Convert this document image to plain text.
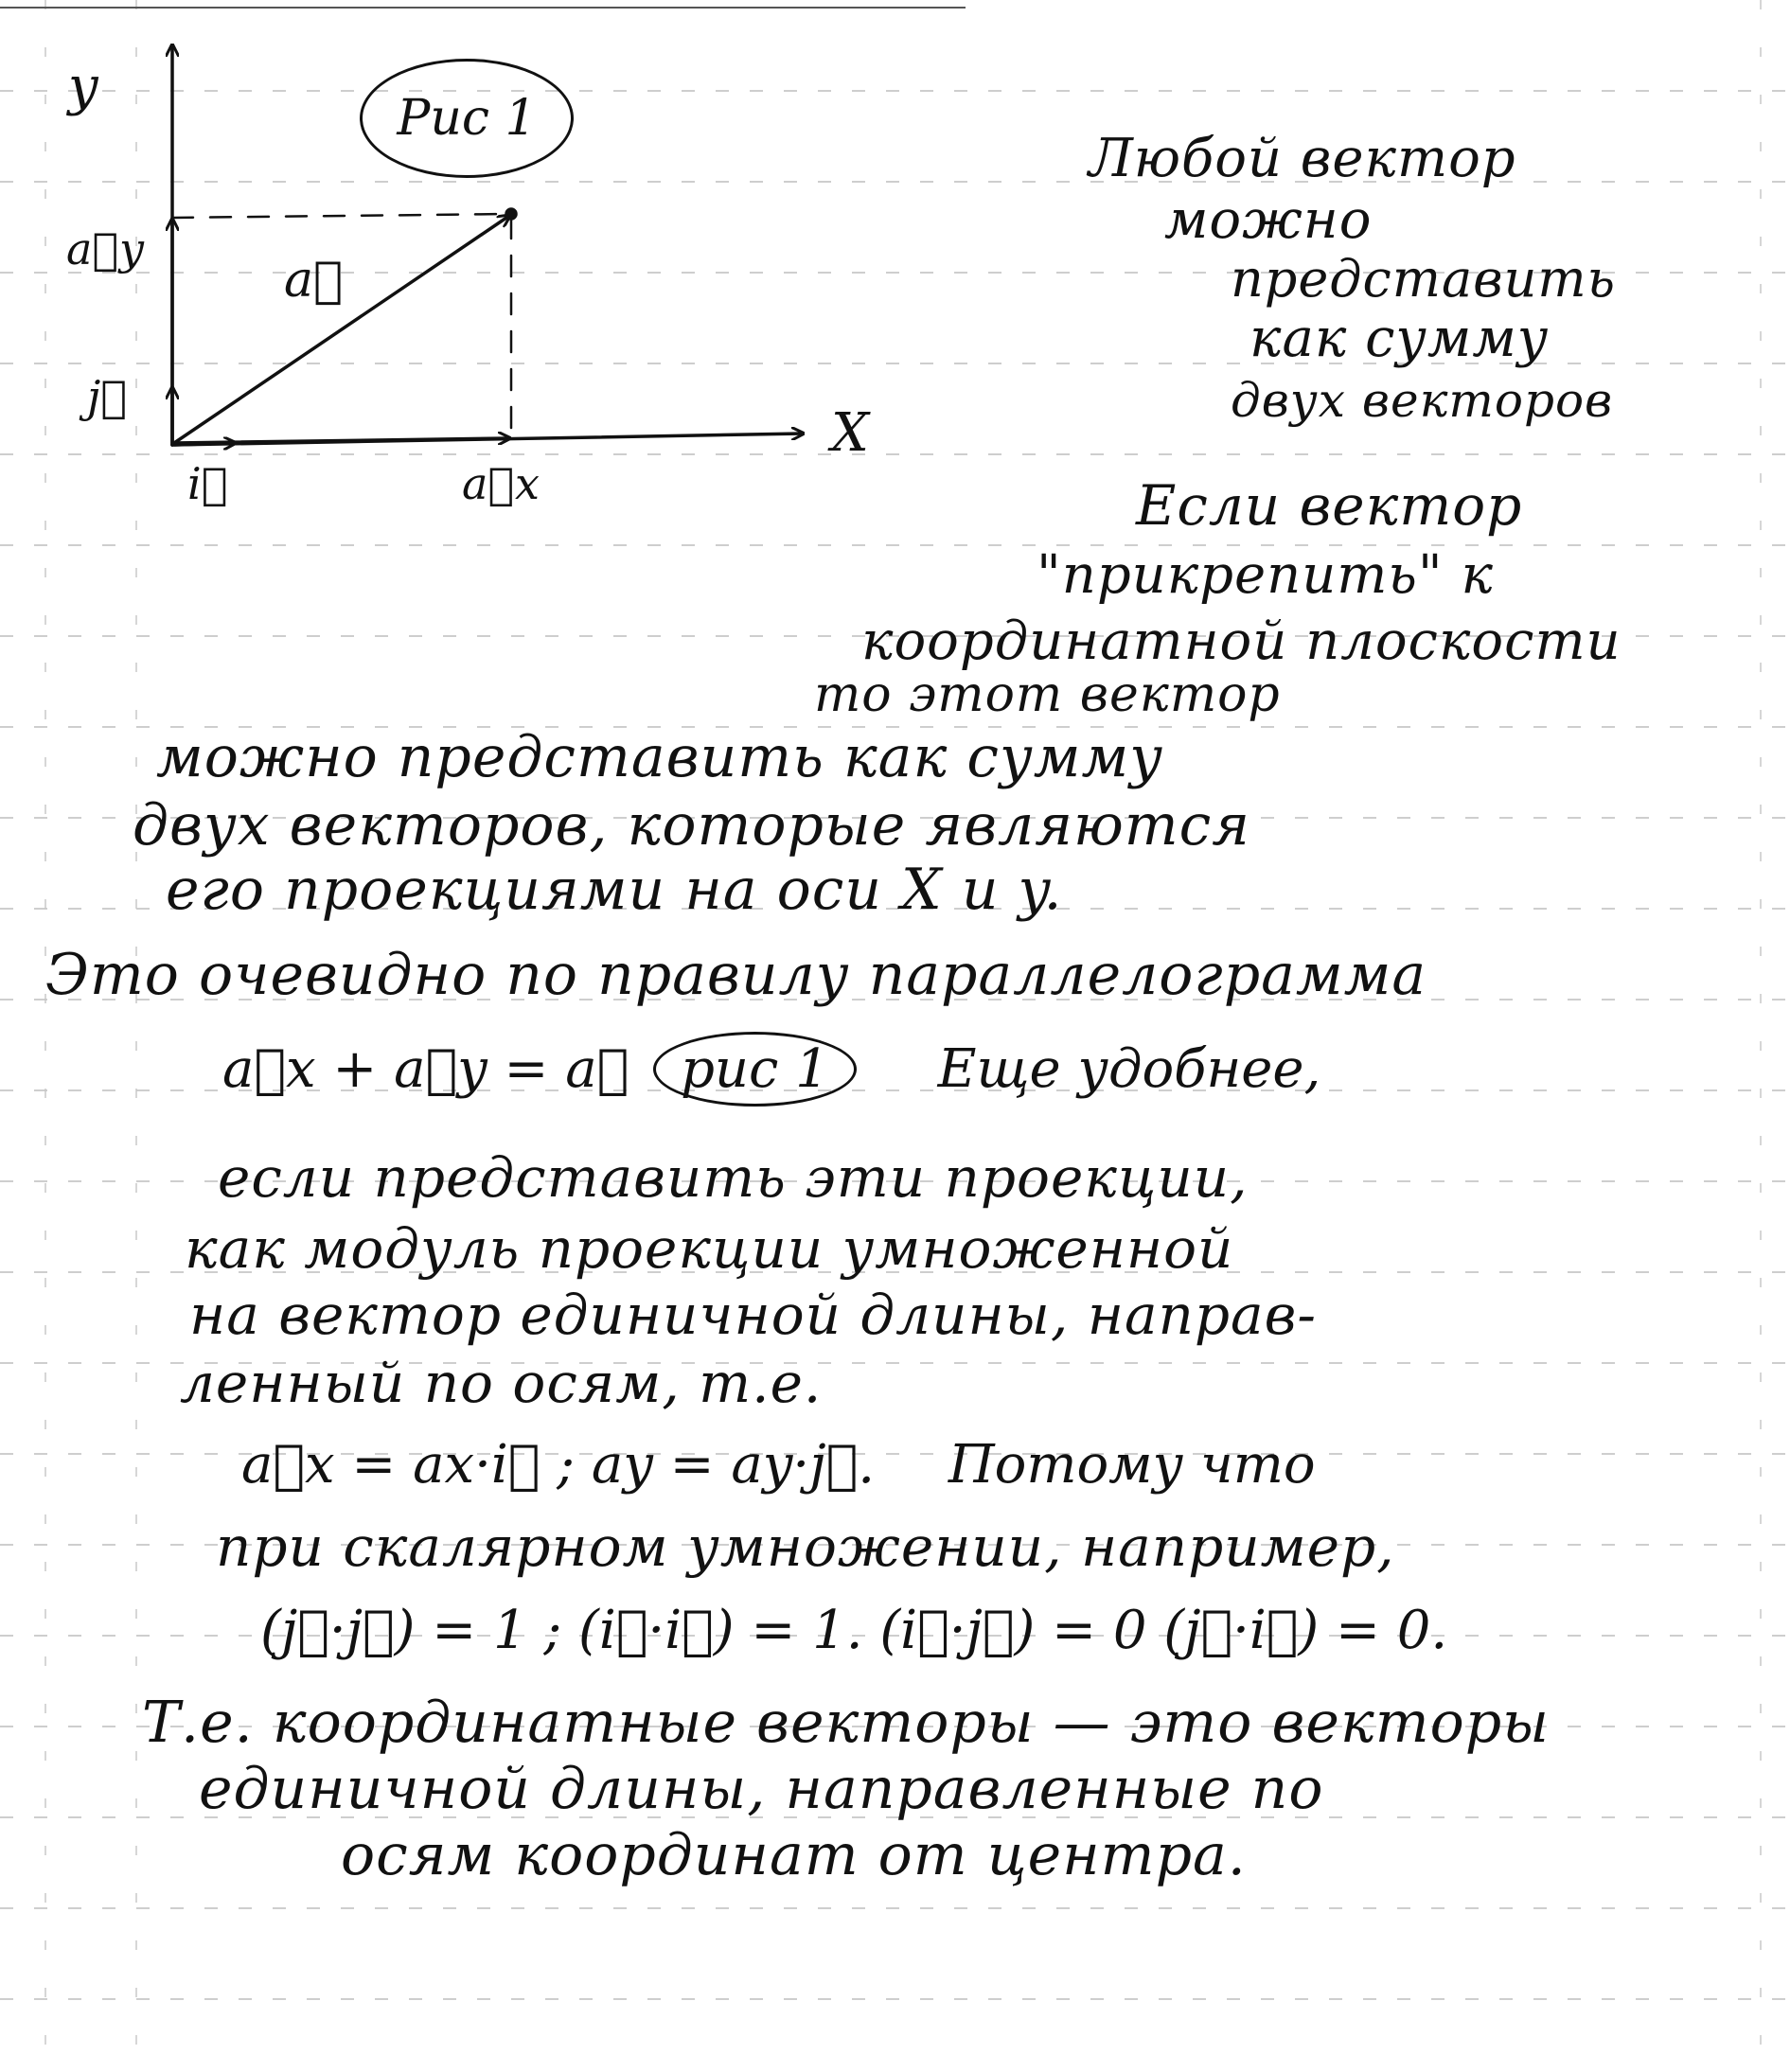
y
X
a⃗
a⃗y
a⃗x
i⃗
j⃗
Рис 1
Любой вектор
можно
представить
как сумму
двух векторов
Если вектор
"прикрепить" к
координатной плоскости
то этот вектор
можно представить как сумму
двух векторов, которые являются
его проекциями на оси X и y.
Это очевидно по правилу параллелограмма
a⃗x + a⃗y = a⃗ рис 1 Еще удобнее,
если представить эти проекции,
как модуль проекции умноженной
на вектор единичной длины, направ-
ленный по осям, т.е.
a⃗x = ax·i⃗ ; ay = ay·j⃗. Потому что
при скалярном умножении, например,
(j⃗·j⃗) = 1 ; (i⃗·i⃗) = 1. (i⃗·j⃗) = 0 (j⃗·i⃗) = 0.
Т.е. координатные векторы — это векторы
единичной длины, направленные по
осям координат от центра.
